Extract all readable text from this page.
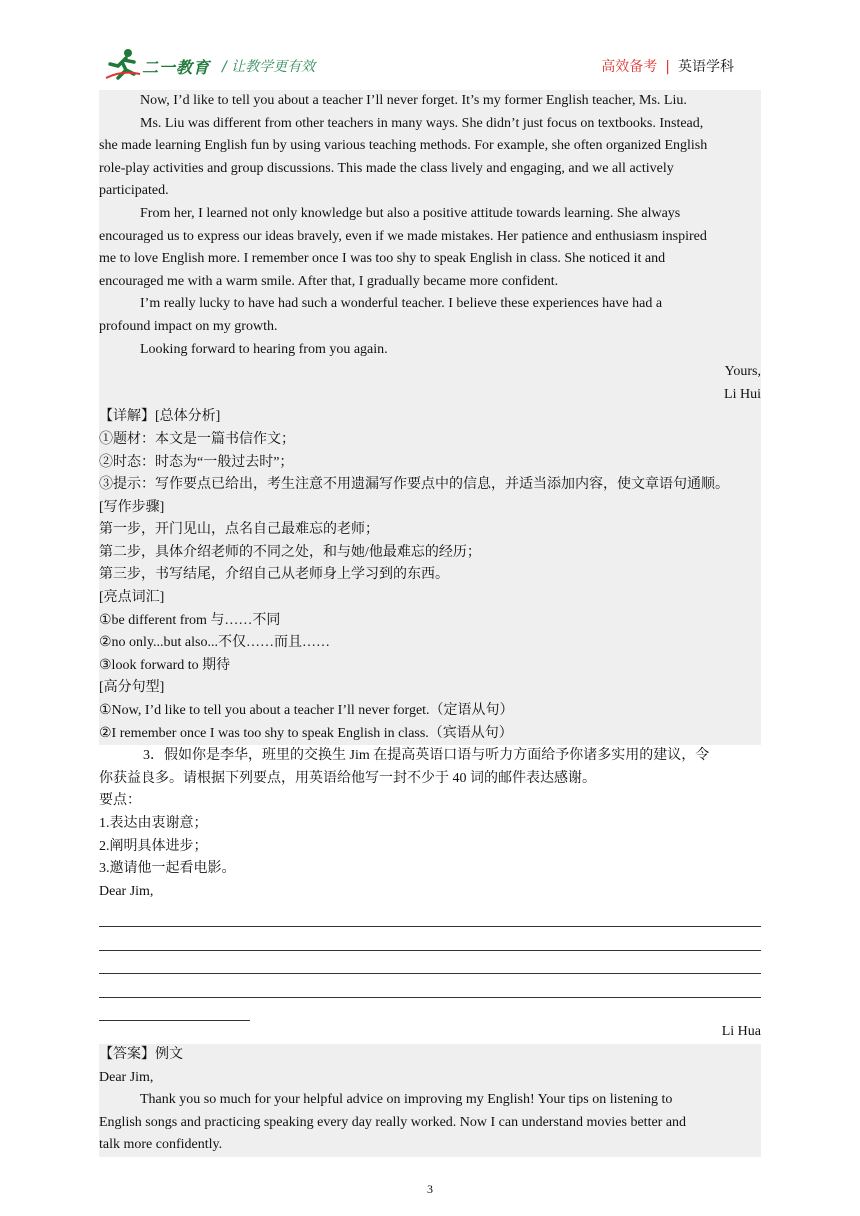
二一教育 / 让教学更有效	高效备考 | 英语学科
Now, I’d like to tell you about a teacher I’ll never forget. It’s my former English teacher, Ms. Liu.
Ms. Liu was different from other teachers in many ways. She didn’t just focus on textbooks. Instead,
she made learning English fun by using various teaching methods. For example, she often organized English
role-play activities and group discussions. This made the class lively and engaging, and we all actively
participated.
From her, I learned not only knowledge but also a positive attitude towards learning. She always
encouraged us to express our ideas bravely, even if we made mistakes. Her patience and enthusiasm inspired
me to love English more. I remember once I was too shy to speak English in class. She noticed it and
encouraged me with a warm smile. After that, I gradually became more confident.
I’m really lucky to have had such a wonderful teacher. I believe these experiences have had a
profound impact on my growth.
Looking forward to hearing from you again.
Yours,
Li Hui
【详解】[总体分析]
①题材：本文是一篇书信作文；
②时态：时态为“一般过去时”；
③提示：写作要点已给出，考生注意不用遗漏写作要点中的信息，并适当添加内容，使文章语句通顺。
[写作步骤]
第一步，开门见山，点名自己最难忘的老师；
第二步，具体介绍老师的不同之处，和与她/他最难忘的经历；
第三步，书写结尾，介绍自己从老师身上学习到的东西。
[亮点词汇]
①be different from 与……不同
②no only...but also...不仅……而且……
③look forward to 期待
[高分句型]
①Now, I’d like to tell you about a teacher I’ll never forget.（定语从句）
②I remember once I was too shy to speak English in class.（宾语从句）
3．假如你是李华，班里的交换生 Jim 在提高英语口语与听力方面给予你诸多实用的建议，令
你获益良多。请根据下列要点，用英语给他写一封不少于 40 词的邮件表达感谢。
要点：
1.表达由衷谢意；
2.阐明具体进步；
3.邀请他一起看电影。
Dear Jim,
Li Hua
【答案】例文
Dear Jim,
Thank you so much for your helpful advice on improving my English! Your tips on listening to
English songs and practicing speaking every day really worked. Now I can understand movies better and
talk more confidently.
3
